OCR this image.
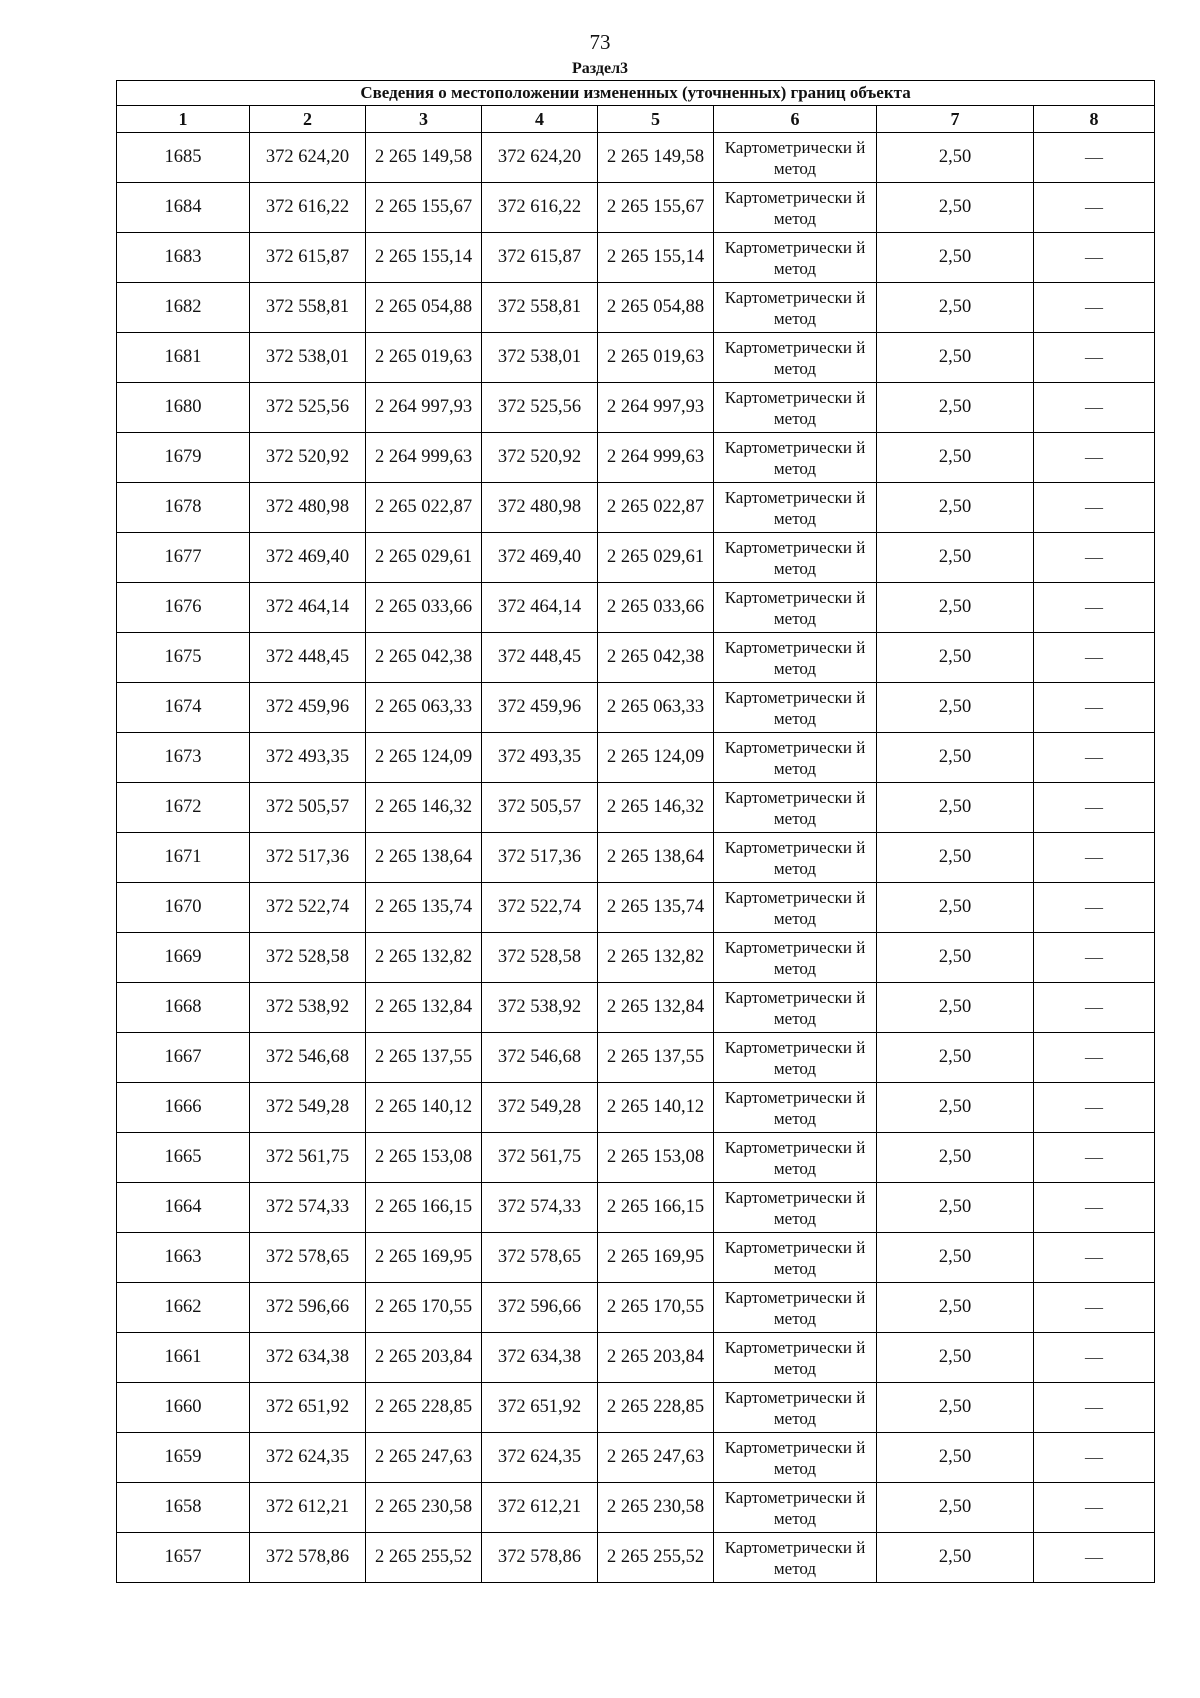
73
Раздел3
Сведения о местоположении измененных (уточненных) границ объекта							
1	2	3	4	5	6	7	8
1685	372 624,20	2 265 149,58	372 624,20	2 265 149,58	Картометрически й метод	2,50	—
1684	372 616,22	2 265 155,67	372 616,22	2 265 155,67	Картометрически й метод	2,50	—
1683	372 615,87	2 265 155,14	372 615,87	2 265 155,14	Картометрически й метод	2,50	—
1682	372 558,81	2 265 054,88	372 558,81	2 265 054,88	Картометрически й метод	2,50	—
1681	372 538,01	2 265 019,63	372 538,01	2 265 019,63	Картометрически й метод	2,50	—
1680	372 525,56	2 264 997,93	372 525,56	2 264 997,93	Картометрически й метод	2,50	—
1679	372 520,92	2 264 999,63	372 520,92	2 264 999,63	Картометрически й метод	2,50	—
1678	372 480,98	2 265 022,87	372 480,98	2 265 022,87	Картометрически й метод	2,50	—
1677	372 469,40	2 265 029,61	372 469,40	2 265 029,61	Картометрически й метод	2,50	—
1676	372 464,14	2 265 033,66	372 464,14	2 265 033,66	Картометрически й метод	2,50	—
1675	372 448,45	2 265 042,38	372 448,45	2 265 042,38	Картометрически й метод	2,50	—
1674	372 459,96	2 265 063,33	372 459,96	2 265 063,33	Картометрически й метод	2,50	—
1673	372 493,35	2 265 124,09	372 493,35	2 265 124,09	Картометрически й метод	2,50	—
1672	372 505,57	2 265 146,32	372 505,57	2 265 146,32	Картометрически й метод	2,50	—
1671	372 517,36	2 265 138,64	372 517,36	2 265 138,64	Картометрически й метод	2,50	—
1670	372 522,74	2 265 135,74	372 522,74	2 265 135,74	Картометрически й метод	2,50	—
1669	372 528,58	2 265 132,82	372 528,58	2 265 132,82	Картометрически й метод	2,50	—
1668	372 538,92	2 265 132,84	372 538,92	2 265 132,84	Картометрически й метод	2,50	—
1667	372 546,68	2 265 137,55	372 546,68	2 265 137,55	Картометрически й метод	2,50	—
1666	372 549,28	2 265 140,12	372 549,28	2 265 140,12	Картометрически й метод	2,50	—
1665	372 561,75	2 265 153,08	372 561,75	2 265 153,08	Картометрически й метод	2,50	—
1664	372 574,33	2 265 166,15	372 574,33	2 265 166,15	Картометрически й метод	2,50	—
1663	372 578,65	2 265 169,95	372 578,65	2 265 169,95	Картометрически й метод	2,50	—
1662	372 596,66	2 265 170,55	372 596,66	2 265 170,55	Картометрически й метод	2,50	—
1661	372 634,38	2 265 203,84	372 634,38	2 265 203,84	Картометрически й метод	2,50	—
1660	372 651,92	2 265 228,85	372 651,92	2 265 228,85	Картометрически й метод	2,50	—
1659	372 624,35	2 265 247,63	372 624,35	2 265 247,63	Картометрически й метод	2,50	—
1658	372 612,21	2 265 230,58	372 612,21	2 265 230,58	Картометрически й метод	2,50	—
1657	372 578,86	2 265 255,52	372 578,86	2 265 255,52	Картометрически й метод	2,50	—
